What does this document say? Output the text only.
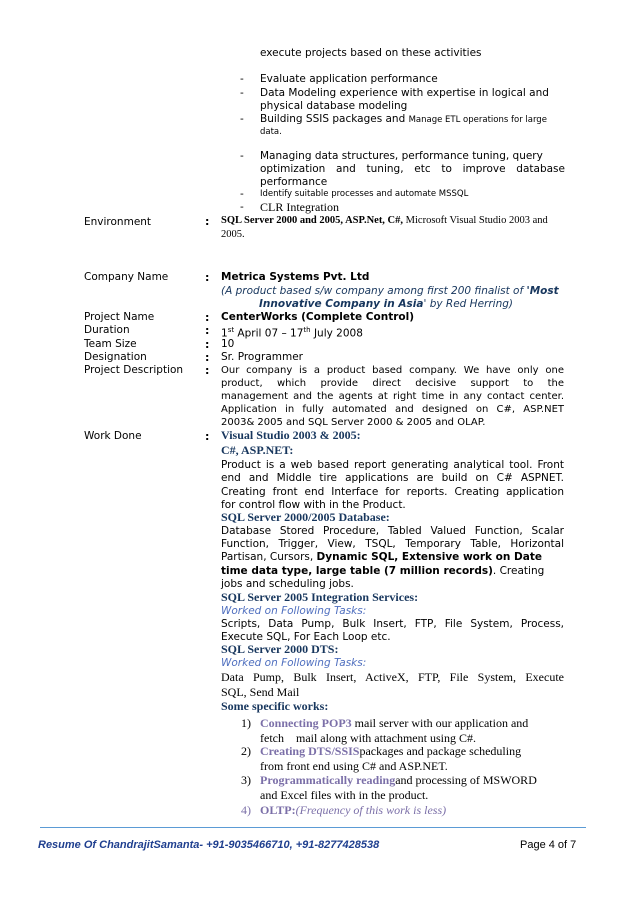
execute projects based on these activities
- Evaluate application performance
- Data Modeling experience with expertise in logical and
physical database modeling
- Building SSIS packages and Manage ETL operations for large
data.
- Managing data structures, performance tuning, query
optimization and tuning, etc to improve database
performance
- Identify suitable processes and automate MSSQL
- CLR Integration
Environment	: SQL Server 2000 and 2005, ASP.Net, C#, Microsoft Visual Studio 2003 and
2005.
Company Name	: Metrica Systems Pvt. Ltd
(A product based s/w company among first 200 finalist of 'Most
Innovative Company in Asia' by Red Herring)
Project Name	: CenterWorks (Complete Control)
Duration	: 1st April 07 – 17th July 2008
Team Size	: 10
Designation	: Sr. Programmer
Project Description : Our company is a product based company. We have only one
product, which provide direct decisive support to the
management and the agents at right time in any contact center.
Application in fully automated and designed on C#, ASP.NET
2003& 2005 and SQL Server 2000 & 2005 and OLAP.
Work Done	: Visual Studio 2003 & 2005:
C#, ASP.NET:
Product is a web based report generating analytical tool. Front
end and Middle tire applications are build on C# ASPNET.
Creating front end Interface for reports. Creating application
for control flow with in the Product.
SQL Server 2000/2005 Database:
Database Stored Procedure, Tabled Valued Function, Scalar
Function, Trigger, View, TSQL, Temporary Table, Horizontal
Partisan, Cursors, Dynamic SQL, Extensive work on Date
time data type, large table (7 million records). Creating
jobs and scheduling jobs.
SQL Server 2005 Integration Services:
Worked on Following Tasks:
Scripts, Data Pump, Bulk Insert, FTP, File System, Process,
Execute SQL, For Each Loop etc.
SQL Server 2000 DTS:
Worked on Following Tasks:
Data Pump, Bulk Insert, ActiveX, FTP, File System, Execute
SQL, Send Mail
Some specific works:
1) Connecting POP3 mail server with our application and
fetch    mail along with attachment using C#.
2) Creating DTS/SSISpackages and package scheduling
from front end using C# and ASP.NET.
3) Programmatically readingand processing of MSWORD
and Excel files with in the product.
4) OLTP:(Frequency of this work is less)
Resume Of ChandrajitSamanta- +91-9035466710, +91-8277428538	Page 4 of 7
